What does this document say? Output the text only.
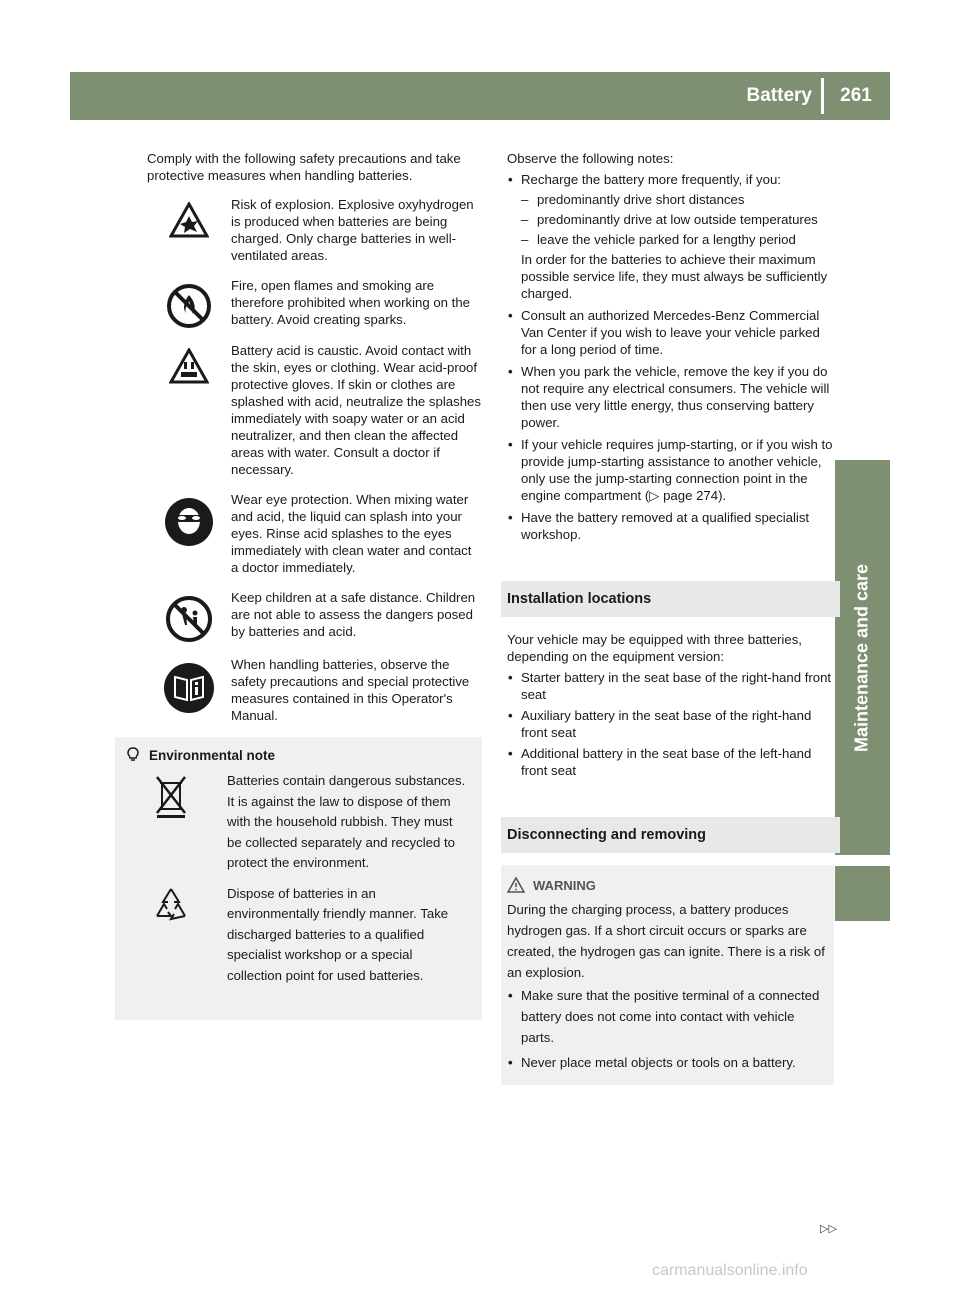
Battery	261
Maintenance and care

Comply with the following safety precautions and take protective measures when handling batteries.

Risk of explosion. Explosive oxyhydrogen is produced when batteries are being charged. Only charge batteries in well-ventilated areas.

Fire, open flames and smoking are therefore prohibited when working on the battery. Avoid creating sparks.

Battery acid is caustic. Avoid contact with the skin, eyes or clothing. Wear acid-proof protective gloves. If skin or clothes are splashed with acid, neutralize the splashes immediately with soapy water or an acid neutralizer, and then clean the affected areas with water. Consult a doctor if necessary.

Wear eye protection. When mixing water and acid, the liquid can splash into your eyes. Rinse acid splashes to the eyes immediately with clean water and contact a doctor immediately.

Keep children at a safe distance. Children are not able to assess the dangers posed by batteries and acid.

When handling batteries, observe the safety precautions and special protective measures contained in this Operator's Manual.

Environmental note

Batteries contain dangerous substances. It is against the law to dispose of them with the household rubbish. They must be collected separately and recycled to protect the environment.

Dispose of batteries in an environmentally friendly manner. Take discharged batteries to a qualified specialist workshop or a special collection point for used batteries.

Observe the following notes:

• Recharge the battery more frequently, if you:
– predominantly drive short distances
– predominantly drive at low outside temperatures
– leave the vehicle parked for a lengthy period

In order for the batteries to achieve their maximum possible service life, they must always be sufficiently charged.

• Consult an authorized Mercedes-Benz Commercial Van Center if you wish to leave your vehicle parked for a long period of time.
• When you park the vehicle, remove the key if you do not require any electrical consumers. The vehicle will then use very little energy, thus conserving battery power.
• If your vehicle requires jump-starting, or if you wish to provide jump-starting assistance to another vehicle, only use the jump-starting connection point in the engine compartment (▷ page 274).
• Have the battery removed at a qualified specialist workshop.
Installation locations

Your vehicle may be equipped with three batteries, depending on the equipment version:

• Starter battery in the seat base of the right-hand front seat
• Auxiliary battery in the seat base of the right-hand front seat
• Additional battery in the seat base of the left-hand front seat
Disconnecting and removing
WARNING

During the charging process, a battery produces hydrogen gas. If a short circuit occurs or sparks are created, the hydrogen gas can ignite. There is a risk of an explosion.

• Make sure that the positive terminal of a connected battery does not come into contact with vehicle parts.
• Never place metal objects or tools on a battery.
▷▷
carmanualsonline.info
